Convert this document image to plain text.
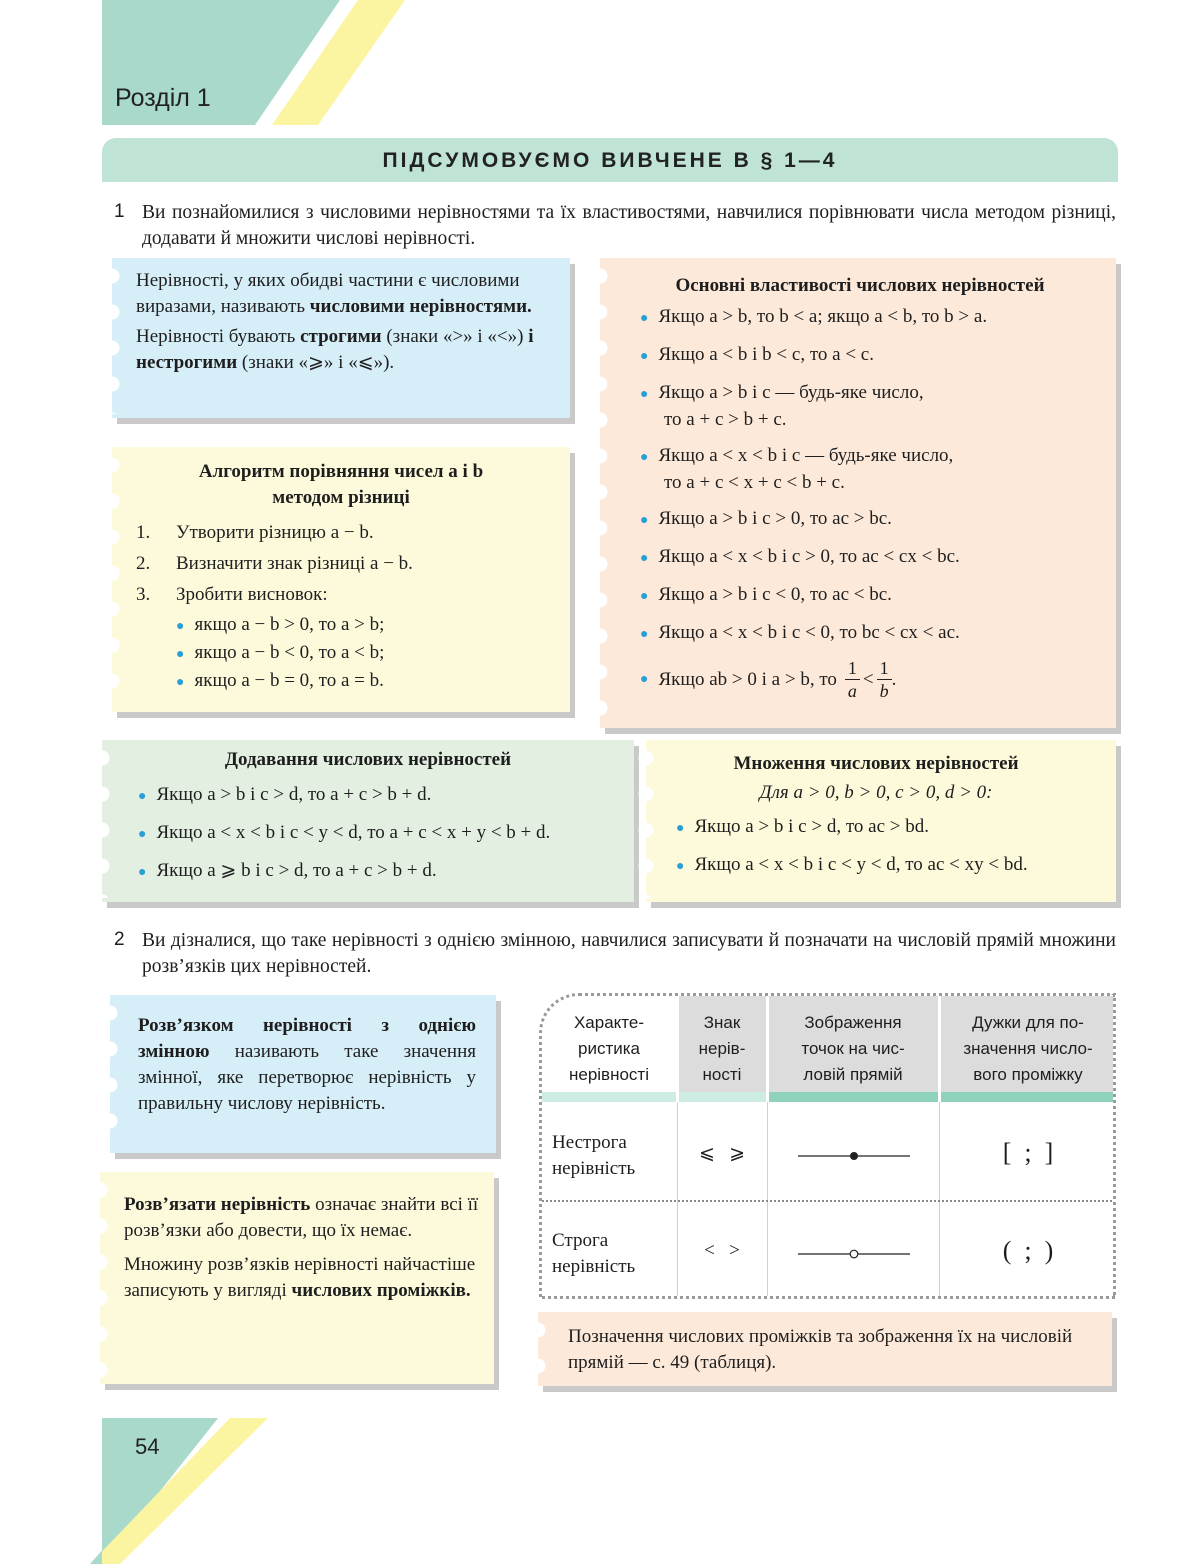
Розділ 1
ПІДСУМОВУЄМО ВИВЧЕНЕ В § 1—4
1 Ви познайомилися з числовими нерівностями та їх властивостями, навчилися порівнювати числа методом різниці, додавати й множити числові нерівності.
Нерівності, у яких обидві частини є числовими виразами, називають числовими нерівностями.
Нерівності бувають строгими (знаки «>» і «<») і нестрогими (знаки «⩾» і «⩽»).
Алгоритм порівняння чисел a і b
методом різниці
1. Утворити різницю a − b.
2. Визначити знак різниці a − b.
3. Зробити висновок:
● якщо a − b > 0, то a > b;
● якщо a − b < 0, то a < b;
● якщо a − b = 0, то a = b.
Основні властивості числових нерівностей
● Якщо a > b, то b < a; якщо a < b, то b > a.
● Якщо a < b і b < c, то a < c.
● Якщо a > b і c — будь-яке число,
то a + c > b + c.
● Якщо a < x < b і c — будь-яке число,
то a + c < x + c < b + c.
● Якщо a > b і c > 0, то ac > bc.
● Якщо a < x < b і c > 0, то ac < cx < bc.
● Якщо a > b і c < 0, то ac < bc.
● Якщо a < x < b і c < 0, то bc < cx < ac.
● Якщо ab > 0 і a > b, то $\frac{1}{a} < \frac{1}{b}$ .
Додавання числових нерівностей
● Якщо a > b і c > d, то a + c > b + d.
● Якщо a < x < b і c < y < d, то a + c < x + y < b + d.
● Якщо a ⩾ b і c > d, то a + c > b + d.
Множення числових нерівностей
Для a > 0, b > 0, c > 0, d > 0:
● Якщо a > b і c > d, то ac > bd.
● Якщо a < x < b і c < y < d, то ac < xy < bd.
2 Ви дізналися, що таке нерівності з однією змінною, навчилися записувати й позначати на числовій прямій множини розв’язків цих нерівностей.
Розв’язком нерівності з однією змінною називають таке значення змінної, яке перетворює нерівність у правильну числову нерівність.
Розв’язати нерівність означає знайти всі її розв’язки або довести, що їх немає.
Множину розв’язків нерівності найчастіше записують у вигляді числових проміжків.
Характе-
ристика
нерівності
Знак
нерів-
ності
Зображення
точок на чис-
ловій прямій
Дужки для по-
значення число-
вого проміжку
Нестрога
нерівність
⩽   ⩾	[  ;  ]
Строга
нерівність
<   >	(  ;  )
Позначення числових проміжків та зображення їх на числовій прямій — с. 49 (таблиця).
54
